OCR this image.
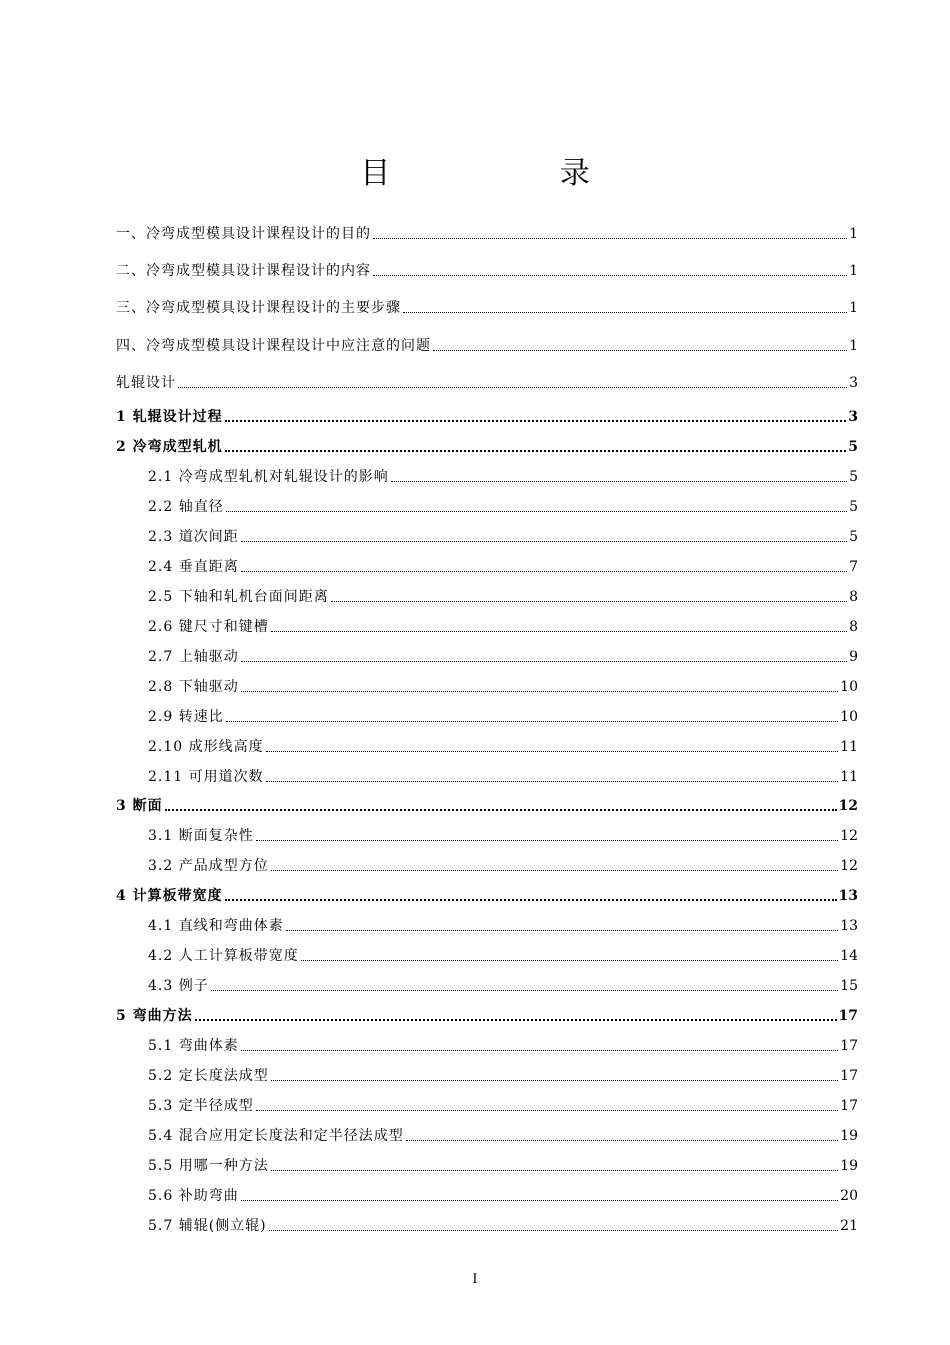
目 录
一、冷弯成型模具设计课程设计的目的	1
二、冷弯成型模具设计课程设计的内容	1
三、冷弯成型模具设计课程设计的主要步骤	1
四、冷弯成型模具设计课程设计中应注意的问题	1
轧辊设计	3
1 轧辊设计过程	3
2 冷弯成型轧机	5
2.1 冷弯成型轧机对轧辊设计的影响	5
2.2 轴直径	5
2.3 道次间距	5
2.4 垂直距离	7
2.5 下轴和轧机台面间距离	8
2.6 键尺寸和键槽	8
2.7 上轴驱动	9
2.8 下轴驱动	10
2.9 转速比	10
2.10 成形线高度	11
2.11 可用道次数	11
3 断面	12
3.1 断面复杂性	12
3.2 产品成型方位	12
4 计算板带宽度	13
4.1 直线和弯曲体素	13
4.2 人工计算板带宽度	14
4.3 例子	15
5 弯曲方法	17
5.1 弯曲体素	17
5.2 定长度法成型	17
5.3 定半径成型	17
5.4 混合应用定长度法和定半径法成型	19
5.5 用哪一种方法	19
5.6 补助弯曲	20
5.7 辅辊(侧立辊)	21
I
